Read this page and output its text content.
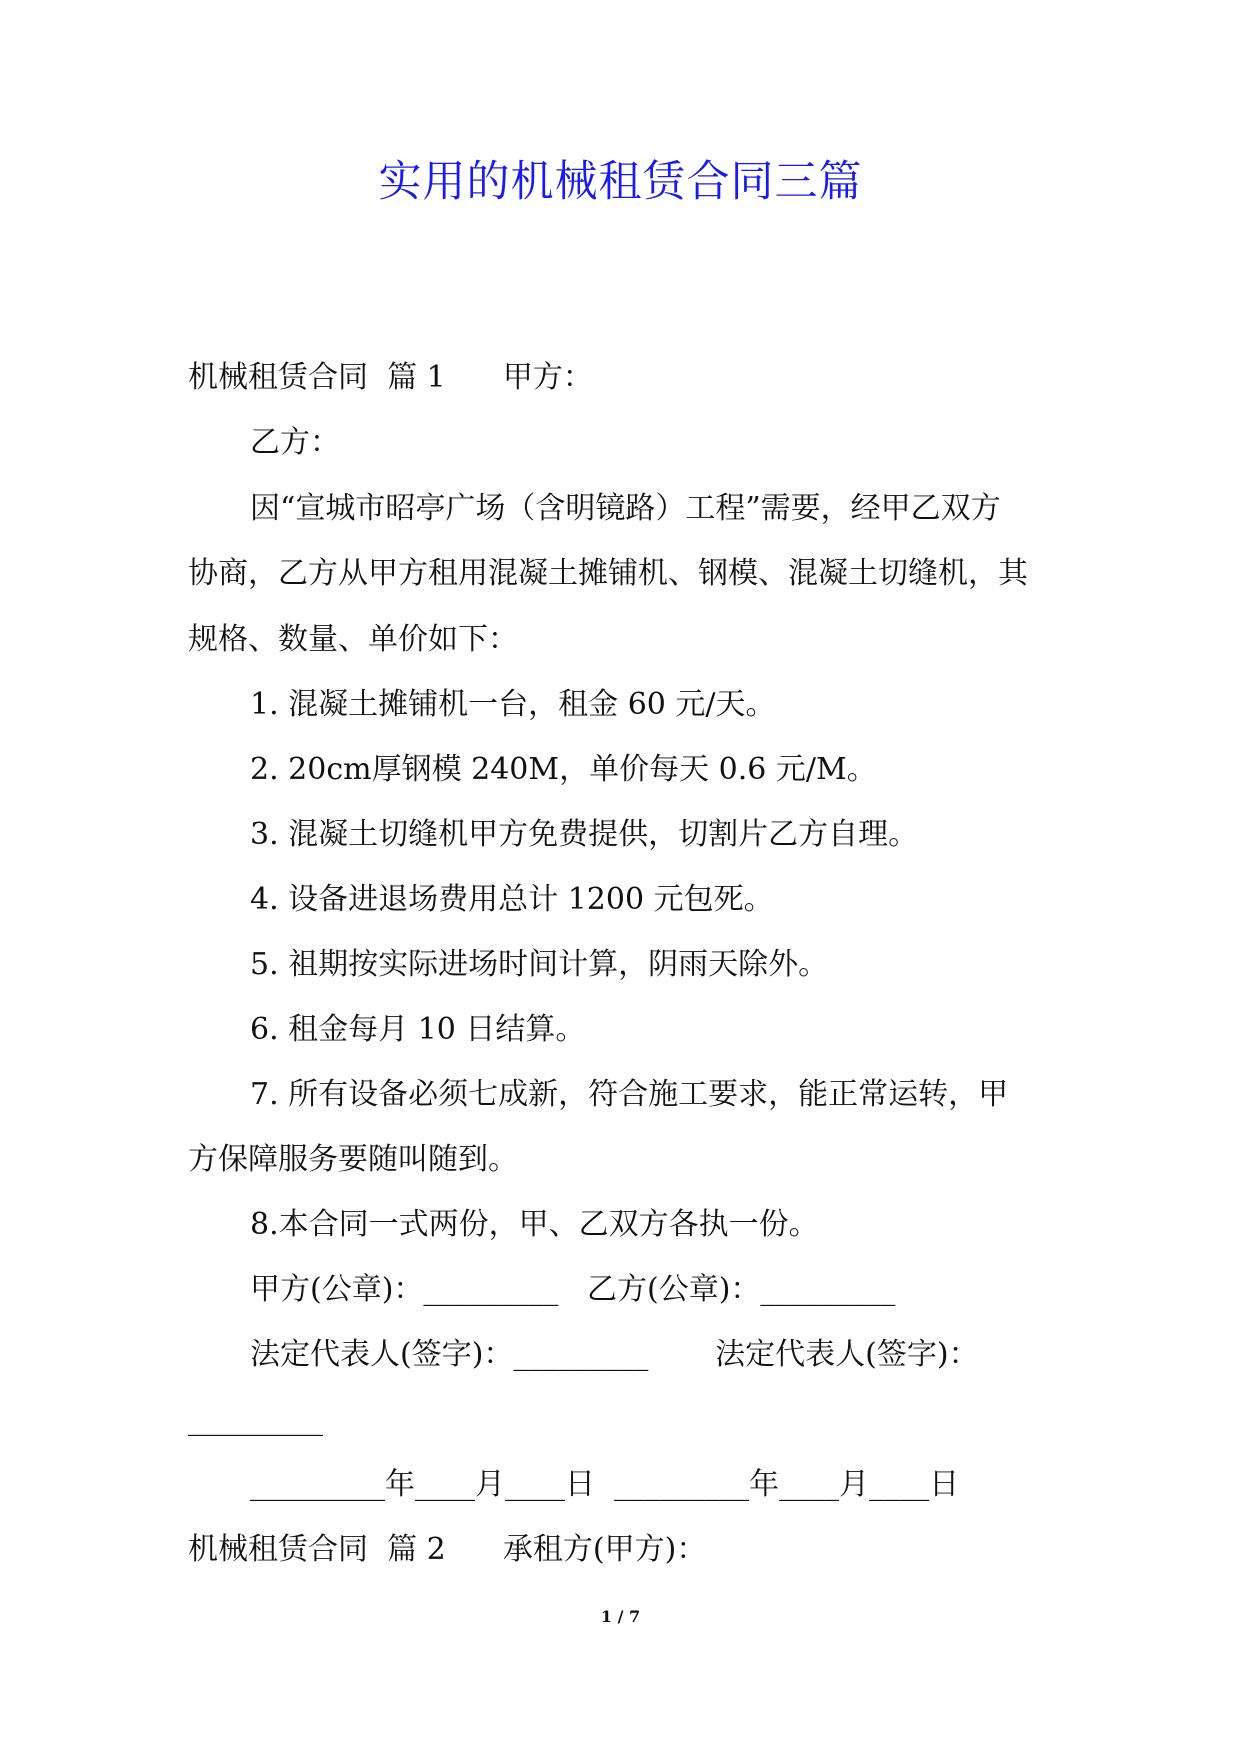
实用的机械租赁合同三篇
机械租赁合同  篇 1      甲方：
乙方：
因“宣城市昭亭广场（含明镜路）工程”需要，经甲乙双方
协商，乙方从甲方租用混凝土摊铺机、钢模、混凝土切缝机，其
规格、数量、单价如下：
1. 混凝土摊铺机一台，租金 60 元/天。
2. 20cm厚钢模 240M，单价每天 0.6 元/M。
3. 混凝土切缝机甲方免费提供，切割片乙方自理。
4. 设备进退场费用总计 1200 元包死。
5. 祖期按实际进场时间计算，阴雨天除外。
6. 租金每月 10 日结算。
7. 所有设备必须七成新，符合施工要求，能正常运转，甲
方保障服务要随叫随到。
8.本合同一式两份，甲、乙双方各执一份。
甲方(公章)：_________   乙方(公章)：_________
法定代表人(签字)：_________       法定代表人(签字)：
_________
_________年____月____日  _________年____月____日
机械租赁合同  篇 2      承租方(甲方)：
1 / 7
